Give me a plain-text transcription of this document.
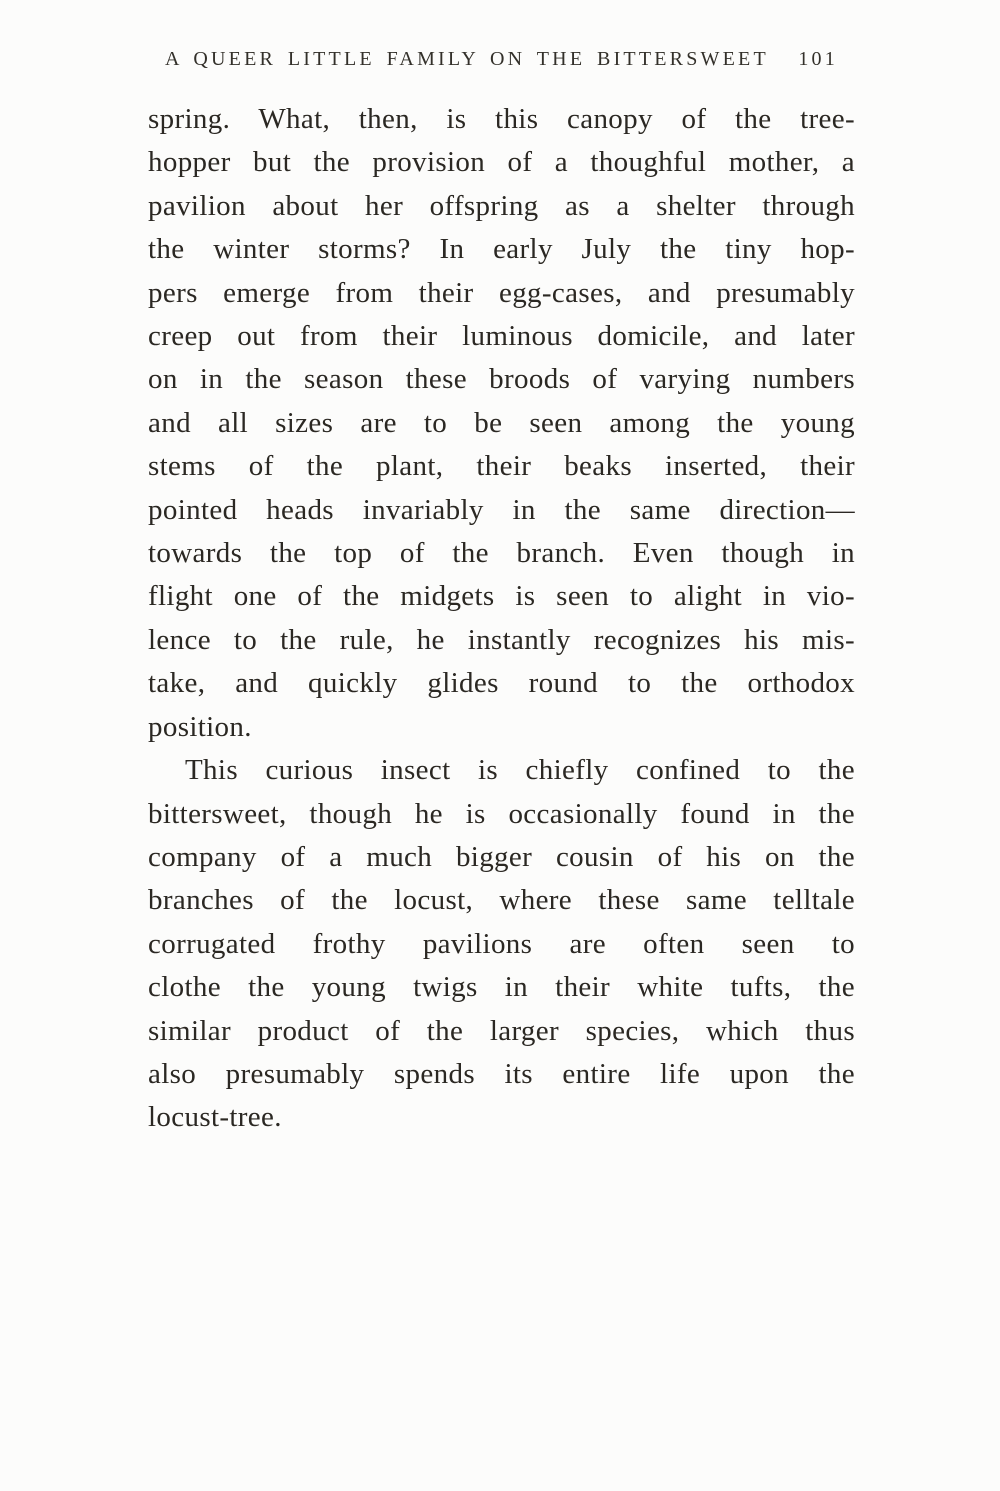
A QUEER LITTLE FAMILY ON THE BITTERSWEET 101
spring. What, then, is this canopy of the tree-
hopper but the provision of a thoughful mother, a
pavilion about her offspring as a shelter through
the winter storms? In early July the tiny hop-
pers emerge from their egg-cases, and presumably
creep out from their luminous domicile, and later
on in the season these broods of varying numbers
and all sizes are to be seen among the young
stems of the plant, their beaks inserted, their
pointed heads invariably in the same direction—
towards the top of the branch. Even though in
flight one of the midgets is seen to alight in vio-
lence to the rule, he instantly recognizes his mis-
take, and quickly glides round to the orthodox
position.
This curious insect is chiefly confined to the
bittersweet, though he is occasionally found in the
company of a much bigger cousin of his on the
branches of the locust, where these same telltale
corrugated frothy pavilions are often seen to
clothe the young twigs in their white tufts, the
similar product of the larger species, which thus
also presumably spends its entire life upon the
locust-tree.
